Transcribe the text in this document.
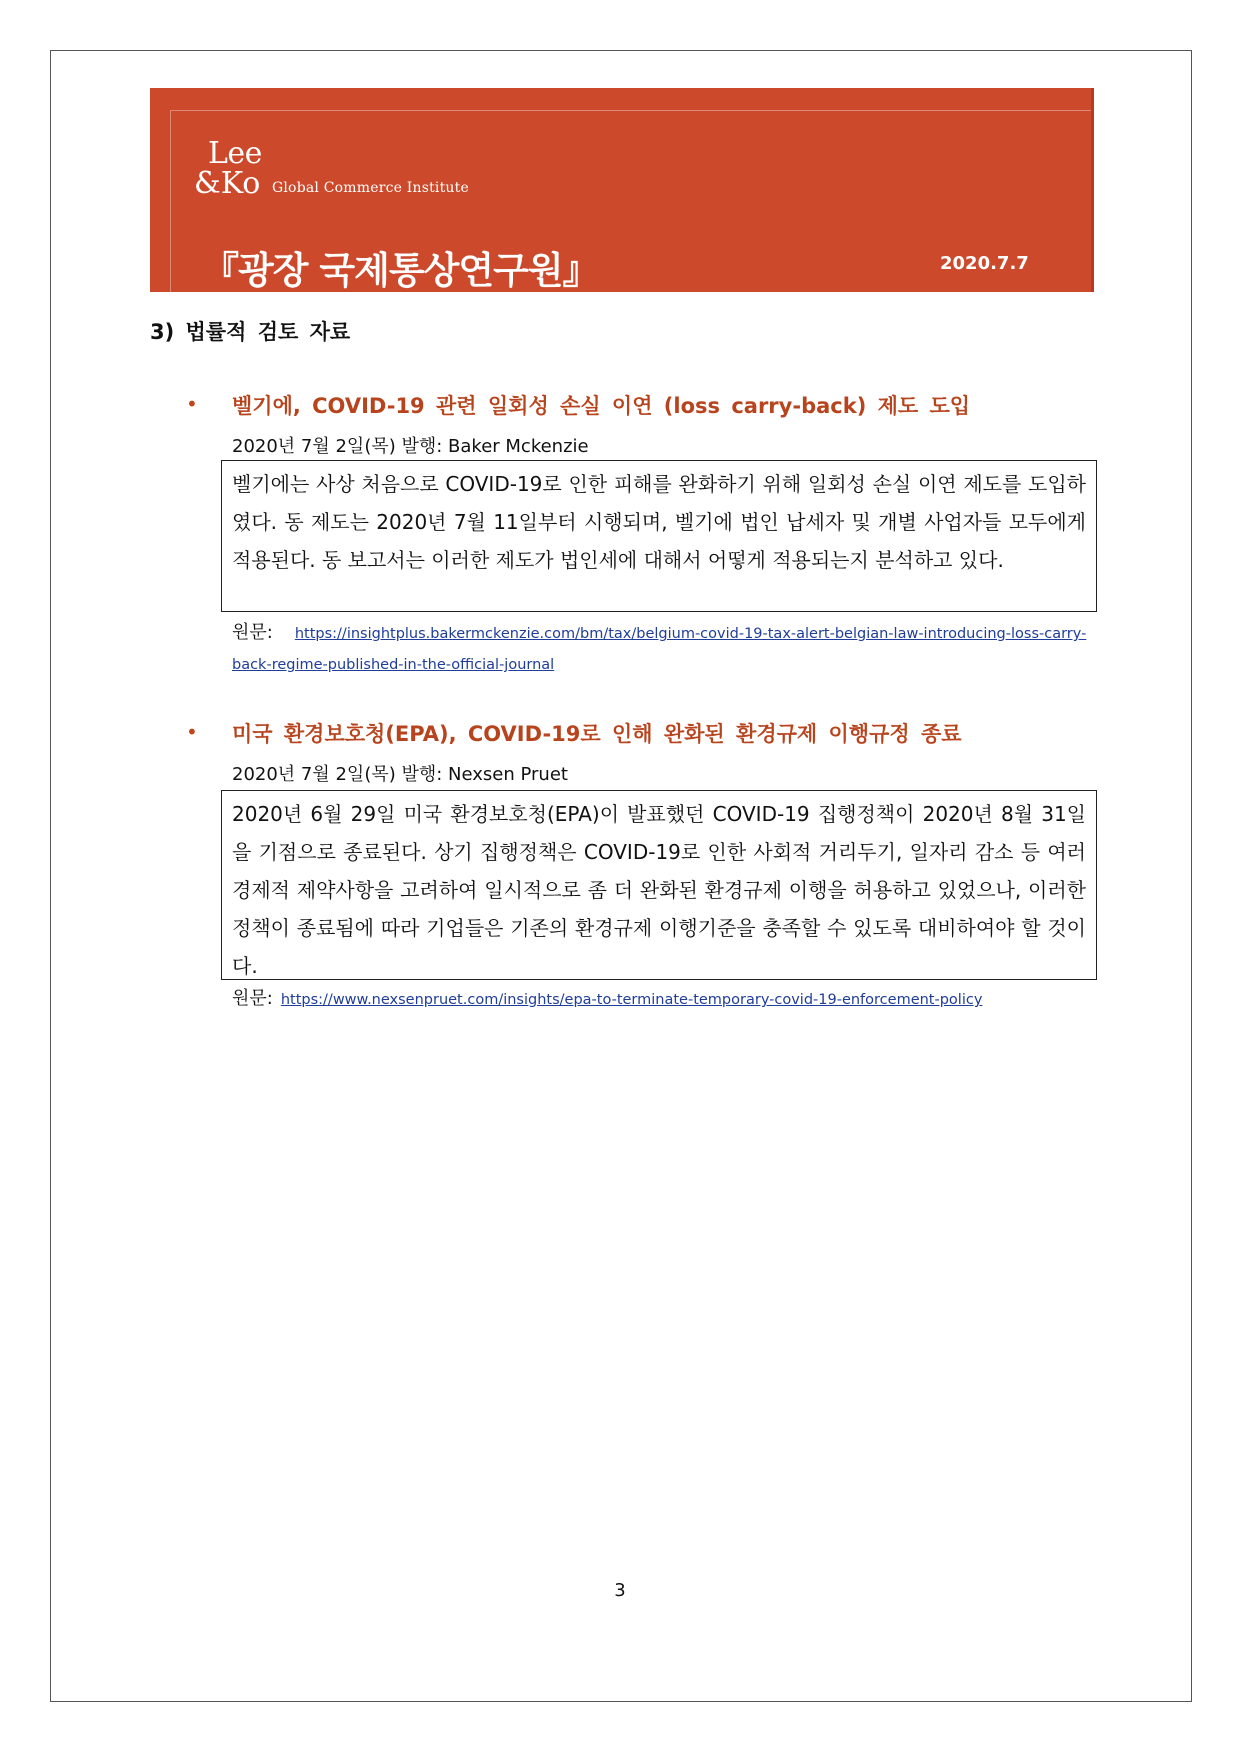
Lee
&Ko Global Commerce Institute
『광장 국제통상연구원』	2020.7.7
3) 법률적 검토 자료
• 벨기에, COVID-19 관련 일회성 손실 이연 (loss carry-back) 제도 도입
2020년 7월 2일(목) 발행: Baker Mckenzie
벨기에는 사상 처음으로 COVID-19로 인한 피해를 완화하기 위해 일회성 손실 이연 제도를 도입하였다. 동 제도는 2020년 7월 11일부터 시행되며, 벨기에 법인 납세자 및 개별 사업자들 모두에게 적용된다. 동 보고서는 이러한 제도가 법인세에 대해서 어떻게 적용되는지 분석하고 있다.
원문: https://insightplus.bakermckenzie.com/bm/tax/belgium-covid-19-tax-alert-belgian-law-introducing-loss-carry-back-regime-published-in-the-official-journal
• 미국 환경보호청(EPA), COVID-19로 인해 완화된 환경규제 이행규정 종료
2020년 7월 2일(목) 발행: Nexsen Pruet
2020년 6월 29일 미국 환경보호청(EPA)이 발표했던 COVID-19 집행정책이 2020년 8월 31일을 기점으로 종료된다. 상기 집행정책은 COVID-19로 인한 사회적 거리두기, 일자리 감소 등 여러 경제적 제약사항을 고려하여 일시적으로 좀 더 완화된 환경규제 이행을 허용하고 있었으나, 이러한 정책이 종료됨에 따라 기업들은 기존의 환경규제 이행기준을 충족할 수 있도록 대비하여야 할 것이다.
원문: https://www.nexsenpruet.com/insights/epa-to-terminate-temporary-covid-19-enforcement-policy
3
